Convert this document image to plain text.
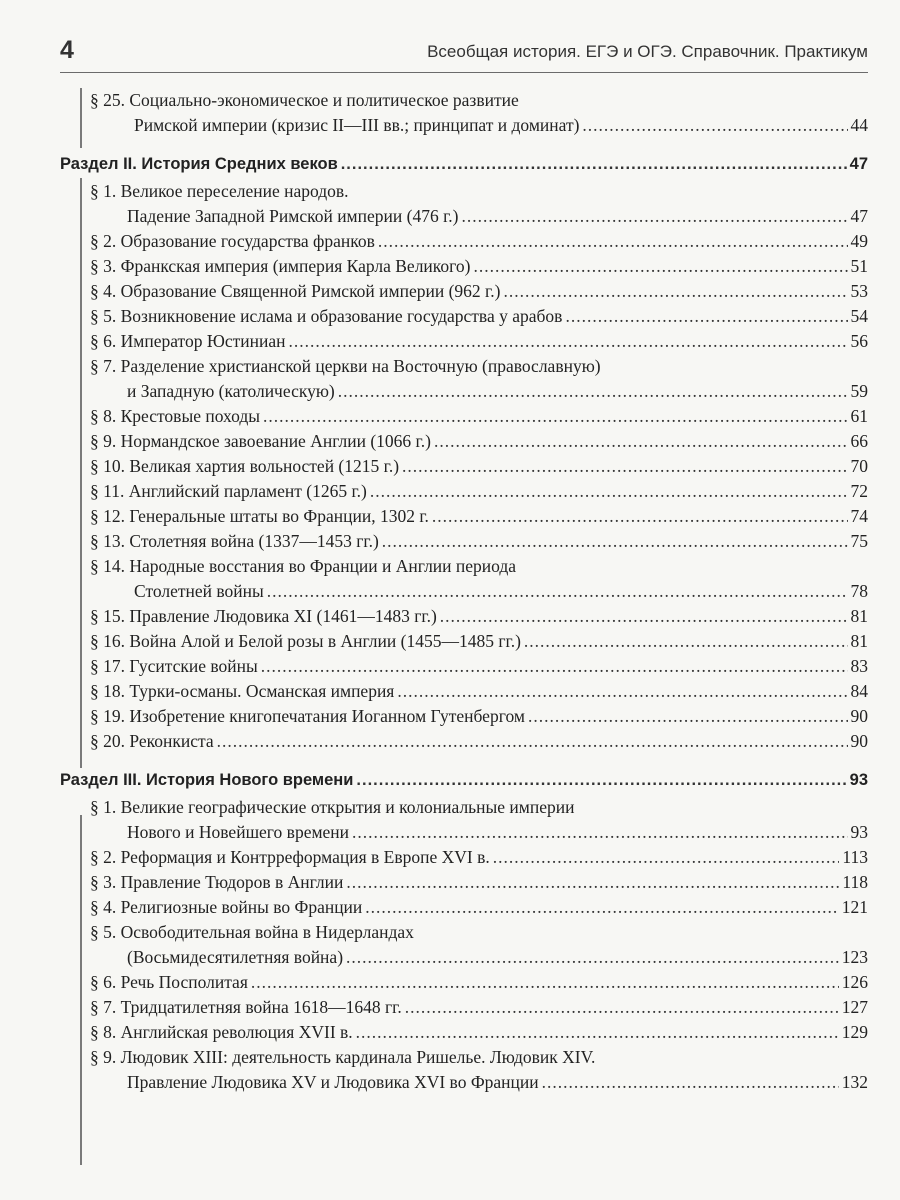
4	Всеобщая история. ЕГЭ и ОГЭ. Справочник. Практикум
§ 25. Социально-экономическое и политическое развитие
Римской империи (кризис II—III вв.; принципат и доминат) .....	44
Раздел II. История Средних веков .....	47
§ 1. Великое переселение народов.
Падение Западной Римской империи (476 г.) .....	47
§ 2. Образование государства франков .....	49
§ 3. Франкская империя (империя Карла Великого) .....	51
§ 4. Образование Священной Римской империи (962 г.) .....	53
§ 5. Возникновение ислама и образование государства у арабов .....	54
§ 6. Император Юстиниан .....	56
§ 7. Разделение христианской церкви на Восточную (православную)
и Западную (католическую) .....	59
§ 8. Крестовые походы .....	61
§ 9. Нормандское завоевание Англии (1066 г.) .....	66
§ 10. Великая хартия вольностей (1215 г.) .....	70
§ 11. Английский парламент (1265 г.) .....	72
§ 12. Генеральные штаты во Франции, 1302 г. .....	74
§ 13. Столетняя война (1337—1453 гг.) .....	75
§ 14. Народные восстания во Франции и Англии периода
Столетней войны .....	78
§ 15. Правление Людовика XI (1461—1483 гг.) .....	81
§ 16. Война Алой и Белой розы в Англии (1455—1485 гг.) .....	81
§ 17. Гуситские войны .....	83
§ 18. Турки-османы. Османская империя .....	84
§ 19. Изобретение книгопечатания Иоганном Гутенбергом .....	90
§ 20. Реконкиста .....	90
Раздел III. История Нового времени .....	93
§ 1. Великие географические открытия и колониальные империи
Нового и Новейшего времени .....	93
§ 2. Реформация и Контрреформация в Европе XVI в. .....	113
§ 3. Правление Тюдоров в Англии .....	118
§ 4. Религиозные войны во Франции .....	121
§ 5. Освободительная война в Нидерландах
(Восьмидесятилетняя война) .....	123
§ 6. Речь Посполитая .....	126
§ 7. Тридцатилетняя война 1618—1648 гг. .....	127
§ 8. Английская революция XVII в. .....	129
§ 9. Людовик XIII: деятельность кардинала Ришелье. Людовик XIV.
Правление Людовика XV и Людовика XVI во Франции .....	132
